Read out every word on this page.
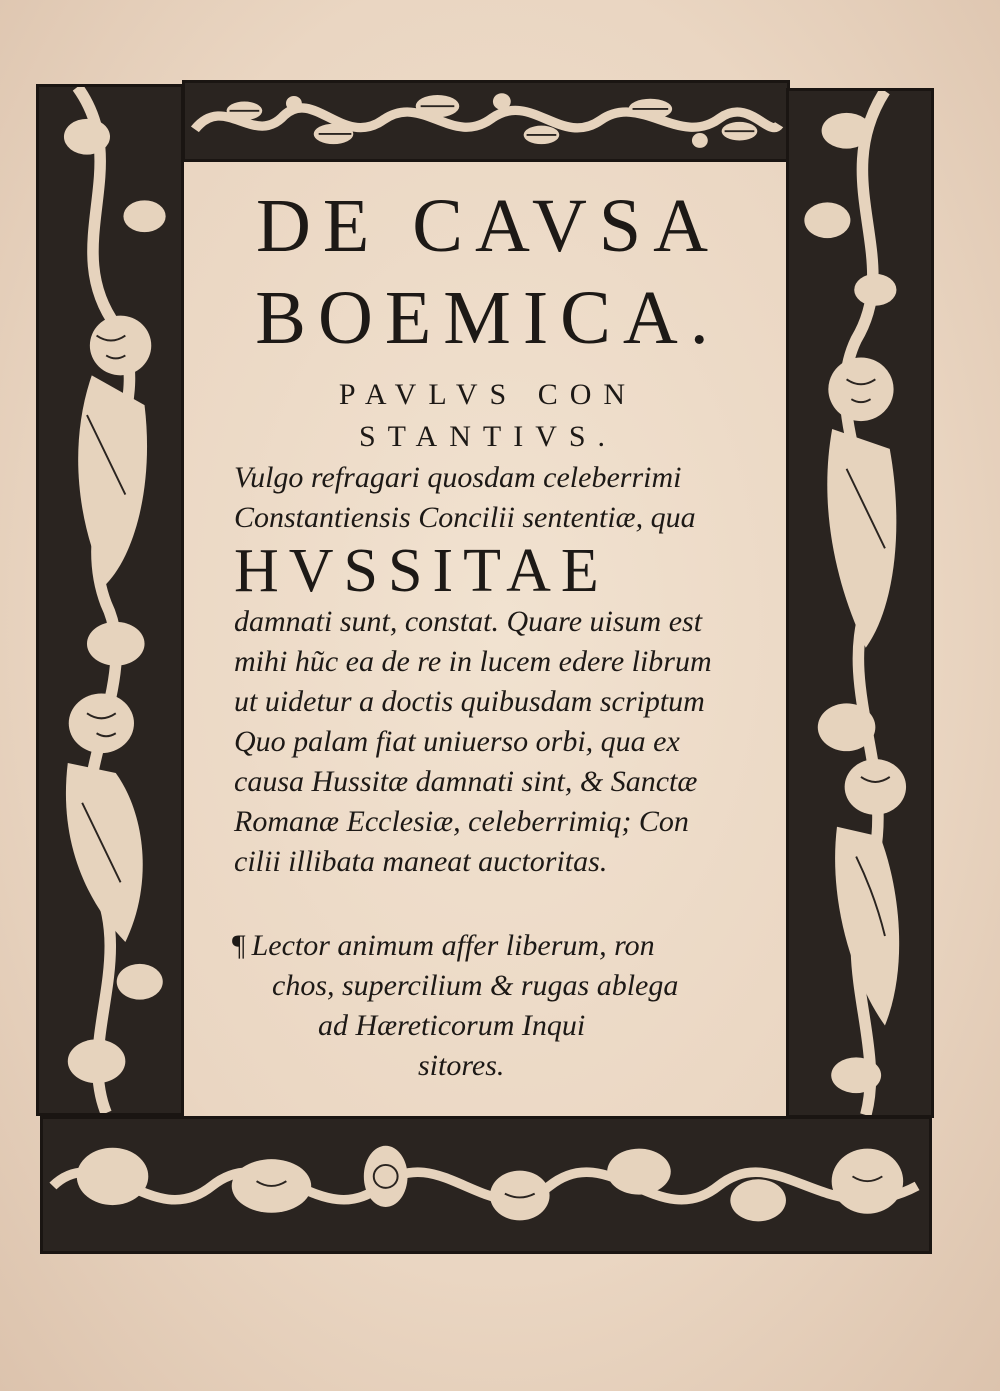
DE CAVSA
BOEMICA.
PAVLVS CON
STANTIVS.
Vulgo refragari quosdam celeberrimi
Constantiensis Concilii sententiæ, qua
HVSSITAE
damnati sunt, constat. Quare uisum est
mihi hũc ea de re in lucem edere librum
ut uidetur a doctis quibusdam scriptum
Quo palam fiat uniuerso orbi, qua ex
causa Hussitæ damnati sint, & Sanctæ
Romanæ Ecclesiæ, celeberrimiq; Con
cilii illibata maneat auctoritas.
¶ Lector animum affer liberum, ron
chos, supercilium & rugas ablega
ad Hæreticorum Inqui
sitores.
